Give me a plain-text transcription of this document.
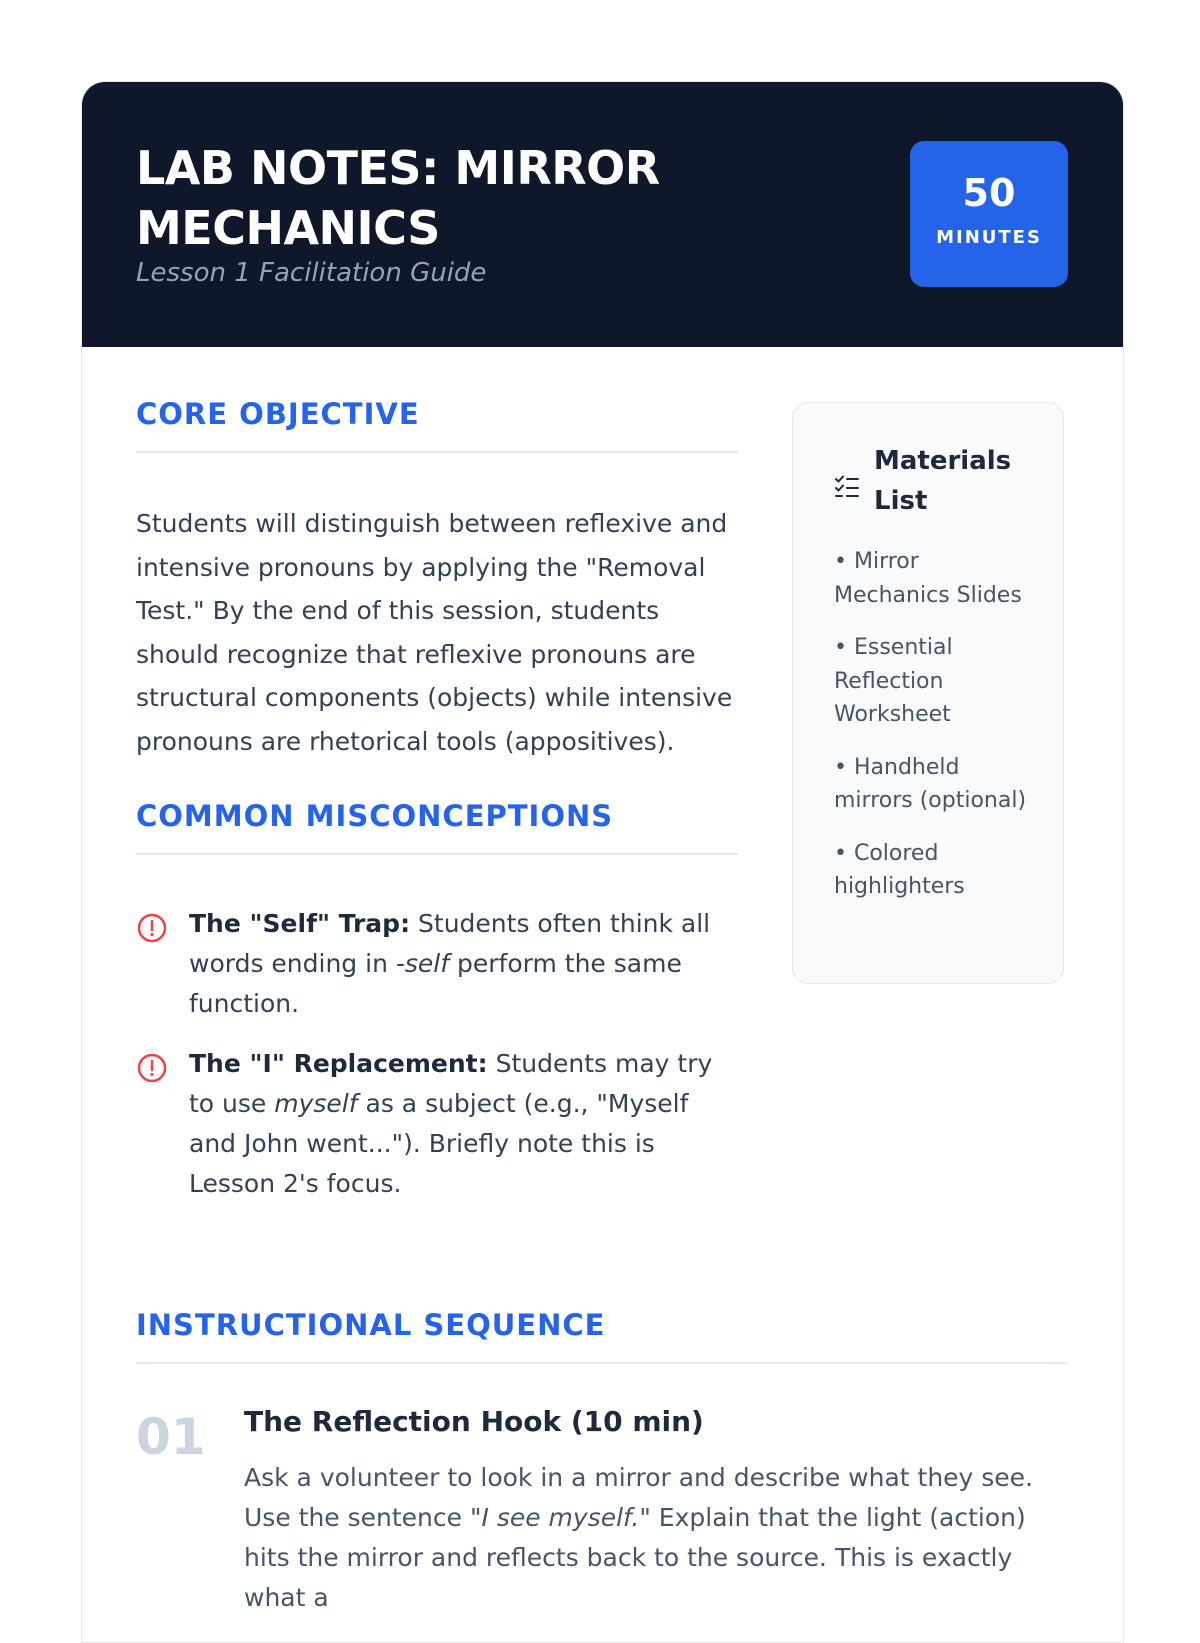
LAB NOTES: MIRROR MECHANICS

Lesson 1 Facilitation Guide

50
MINUTES
CORE OBJECTIVE

Students will distinguish between reflexive and intensive pronouns by applying the "Removal Test." By the end of this session, students should recognize that reflexive pronouns are structural components (objects) while intensive pronouns are rhetorical tools (appositives).

COMMON MISCONCEPTIONS
The "Self" Trap: Students often think all words ending in -self perform the same function.
The "I" Replacement: Students may try to use myself as a subject (e.g., "Myself and John went..."). Briefly note this is Lesson 2's focus.
Materials List
• Mirror Mechanics Slides
• Essential Reflection Worksheet
• Handheld mirrors (optional)
• Colored highlighters
INSTRUCTIONAL SEQUENCE
01 The Reflection Hook (10 min)

Ask a volunteer to look in a mirror and describe what they see. Use the sentence "I see myself." Explain that the light (action) hits the mirror and reflects back to the source. This is exactly what a
